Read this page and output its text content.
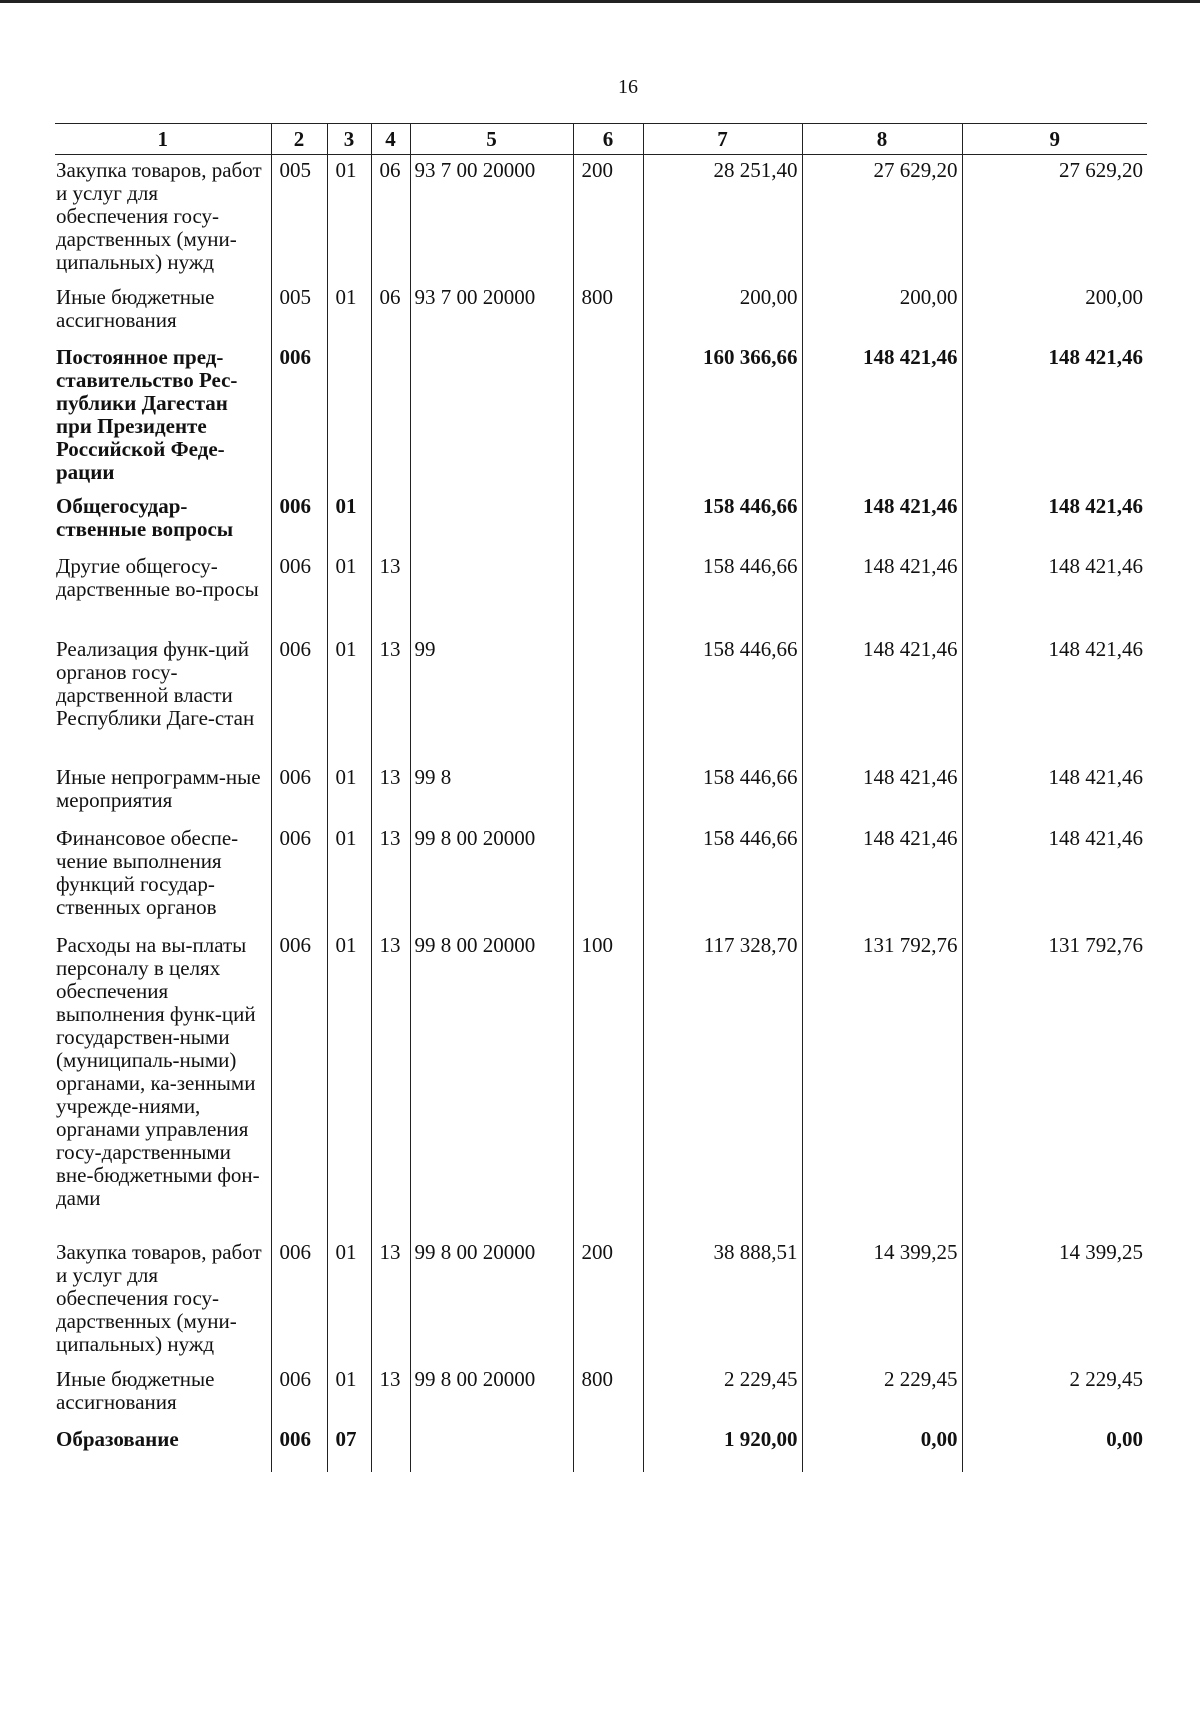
16
1	2	3	4	5	6	7	8	9
Закупка товаров, работ и услуг для обеспечения госу-дарственных (муни-ципальных) нужд	005	01	06	93 7 00 20000	200	28 251,40	27 629,20	27 629,20
Иные бюджетные ассигнования	005	01	06	93 7 00 20000	800	200,00	200,00	200,00
Постоянное пред-ставительство Рес-публики Дагестан при Президенте Российской Феде-рации	006					160 366,66	148 421,46	148 421,46
Общегосудар-ственные вопросы	006	01				158 446,66	148 421,46	148 421,46
Другие общегосу-дарственные во-просы	006	01	13			158 446,66	148 421,46	148 421,46
Реализация функ-ций органов госу-дарственной власти Республики Даге-стан	006	01	13	99		158 446,66	148 421,46	148 421,46
Иные непрограмм-ные мероприятия	006	01	13	99 8		158 446,66	148 421,46	148 421,46
Финансовое обеспе-чение выполнения функций государ-ственных органов	006	01	13	99 8 00 20000		158 446,66	148 421,46	148 421,46
Расходы на вы-платы персоналу в целях обеспечения выполнения функ-ций государствен-ными (муниципаль-ными) органами, ка-зенными учрежде-ниями, органами управления госу-дарственными вне-бюджетными фон-дами	006	01	13	99 8 00 20000	100	117 328,70	131 792,76	131 792,76
Закупка товаров, работ и услуг для обеспечения госу-дарственных (муни-ципальных) нужд	006	01	13	99 8 00 20000	200	38 888,51	14 399,25	14 399,25
Иные бюджетные ассигнования	006	01	13	99 8 00 20000	800	2 229,45	2 229,45	2 229,45
Образование	006	07				1 920,00	0,00	0,00
